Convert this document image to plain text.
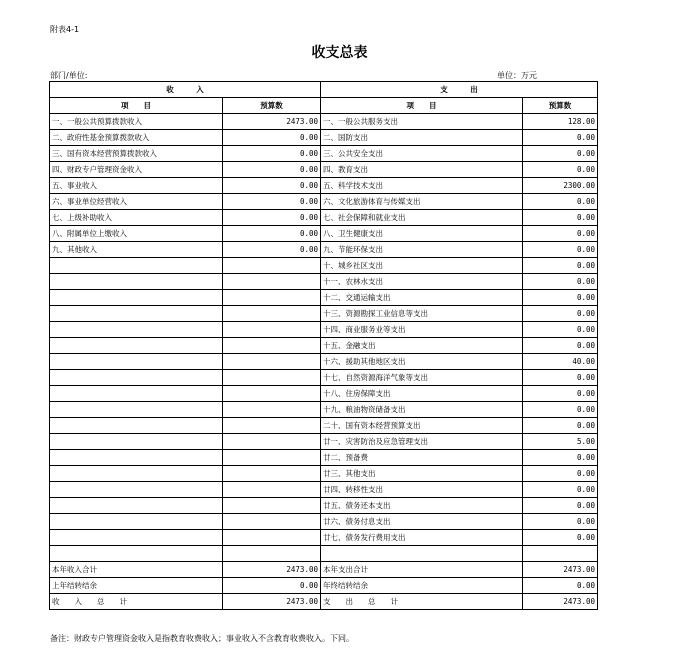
附表4-1
收支总表
部门/单位:	单位：万元
收　　　入		支　　　出	
项　　目	预算数	项　　目	预算数
一、一般公共预算拨款收入	2473.00	一、一般公共服务支出	128.00
二、政府性基金预算拨款收入	0.00	二、国防支出	0.00
三、国有资本经营预算拨款收入	0.00	三、公共安全支出	0.00
四、财政专户管理资金收入	0.00	四、教育支出	0.00
五、事业收入	0.00	五、科学技术支出	2300.00
六、事业单位经营收入	0.00	六、文化旅游体育与传媒支出	0.00
七、上级补助收入	0.00	七、社会保障和就业支出	0.00
八、附属单位上缴收入	0.00	八、卫生健康支出	0.00
九、其他收入	0.00	九、节能环保支出	0.00
		十、城乡社区支出	0.00
		十一、农林水支出	0.00
		十二、交通运输支出	0.00
		十三、资源勘探工业信息等支出	0.00
		十四、商业服务业等支出	0.00
		十五、金融支出	0.00
		十六、援助其他地区支出	40.00
		十七、自然资源海洋气象等支出	0.00
		十八、住房保障支出	0.00
		十九、粮油物资储备支出	0.00
		二十、国有资本经营预算支出	0.00
		廿一、灾害防治及应急管理支出	5.00
		廿二、预备费	0.00
		廿三、其他支出	0.00
		廿四、转移性支出	0.00
		廿五、债务还本支出	0.00
		廿六、债务付息支出	0.00
		廿七、债务发行费用支出	0.00

本年收入合计	2473.00	本年支出合计	2473.00
上年结转结余	0.00	年终结转结余	0.00
收　　入　　总　　计	2473.00	支　　出　　总　　计	2473.00
备注：财政专户管理资金收入是指教育收费收入；事业收入不含教育收费收入。下同。
